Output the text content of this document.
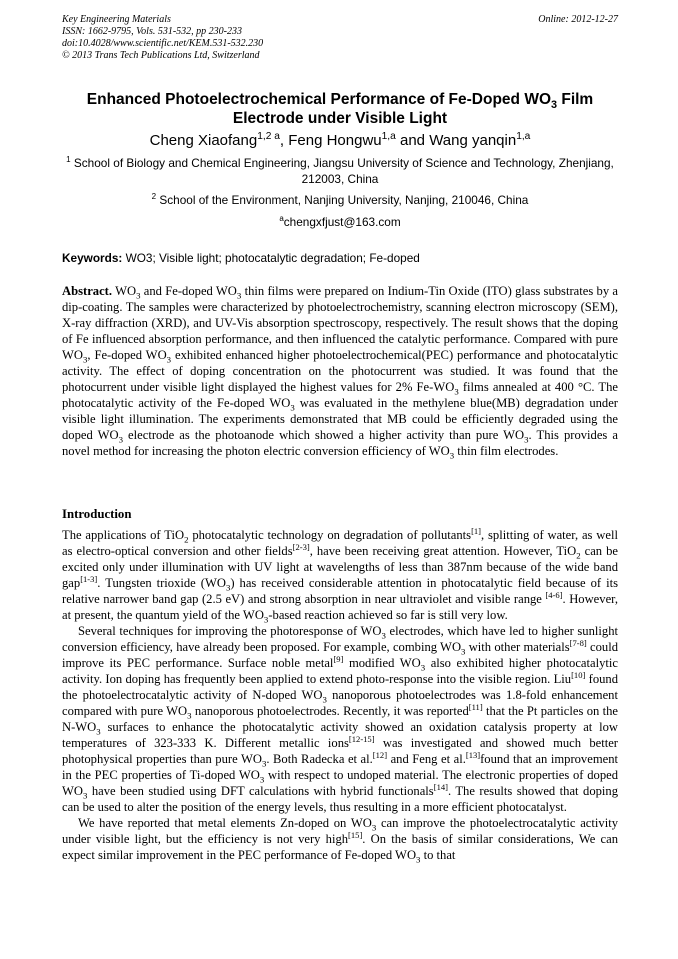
Key Engineering Materials
ISSN: 1662-9795, Vols. 531-532, pp 230-233
doi:10.4028/www.scientific.net/KEM.531-532.230
© 2013 Trans Tech Publications Ltd, Switzerland
Online: 2012-12-27
Enhanced Photoelectrochemical Performance of Fe-Doped $WO_3$ Film Electrode under Visible Light
Cheng Xiaofang$^{1,2 a}$, Feng Hongwu$^{1,a}$ and Wang yanqin$^{1,a}$
$^1$ School of Biology and Chemical Engineering, Jiangsu University of Science and Technology, Zhenjiang, 212003, China
$^2$ School of the Environment, Nanjing University, Nanjing, 210046, China
$^a$chengxfjust@163.com
Keywords: WO3; Visible light; photocatalytic degradation; Fe-doped

Abstract. $WO_3$ and Fe-doped $WO_3$ thin films were prepared on Indium-Tin Oxide (ITO) glass substrates by a dip-coating. The samples were characterized by photoelectrochemistry, scanning electron microscopy (SEM), X-ray diffraction (XRD), and UV-Vis absorption spectroscopy, respectively. The result shows that the doping of Fe influenced absorption performance, and then influenced the catalytic performance. Compared with pure $WO_3$, Fe-doped $WO_3$ exhibited enhanced higher photoelectrochemical(PEC) performance and photocatalytic activity. The effect of doping concentration on the photocurrent was studied. It was found that the photocurrent under visible light displayed the highest values for 2% $Fe-WO_3$ films annealed at 400 °C. The photocatalytic activity of the Fe-doped $WO_3$ was evaluated in the methylene blue(MB) degradation under visible light illumination. The experiments demonstrated that MB could be efficiently degraded using the doped $WO_3$ electrode as the photoanode which showed a higher activity than pure $WO_3$. This provides a novel method for increasing the photon electric conversion efficiency of $WO_3$ thin film electrodes.

Introduction

The applications of TiO$_2$ photocatalytic technology on degradation of pollutants[1], splitting of water, as well as electro-optical conversion and other fields[2-3], have been receiving great attention. However, TiO$_2$ can be excited only under illumination with UV light at wavelengths of less than 387nm because of the wide band gap[1-3]. Tungsten trioxide $(WO_3)$ has received considerable attention in photocatalytic field because of its relative narrower band gap (2.5 eV) and strong absorption in near ultraviolet and visible range [4-6]. However, at present, the quantum yield of the $WO_3$-based reaction achieved so far is still very low.

Several techniques for improving the photoresponse of $WO_3$ electrodes, which have led to higher sunlight conversion efficiency, have already been proposed. For example, combing $WO_3$ with other materials[7-8] could improve its PEC performance. Surface noble metal[9] modified $WO_3$ also exhibited higher photocatalytic activity. Ion doping has frequently been applied to extend photo-response into the visible region. Liu[10] found the photoelectrocatalytic activity of N-doped $WO_3$ nanoporous photoelectrodes was 1.8-fold enhancement compared with pure $WO_3$ nanoporous photoelectrodes. Recently, it was reported[11] that the Pt particles on the $N-WO_3$ surfaces to enhance the photocatalytic activity showed an oxidation catalysis property at low temperatures of 323-333 K. Different metallic ions[12-15] was investigated and showed much better photophysical properties than pure $WO_3$. Both Radecka et al.[12] and Feng et al.[13]found that an improvement in the PEC properties of Ti-doped $WO_3$ with respect to undoped material. The electronic properties of doped $WO_3$ have been studied using DFT calculations with hybrid functionals[14]. The results showed that doping can be used to alter the position of the energy levels, thus resulting in a more efficient photocatalyst.

We have reported that metal elements Zn-doped on $WO_3$ can improve the photoelectrocatalytic activity under visible light, but the efficiency is not very high[15]. On the basis of similar considerations, We can expect similar improvement in the PEC performance of Fe-doped $WO_3$ to that
